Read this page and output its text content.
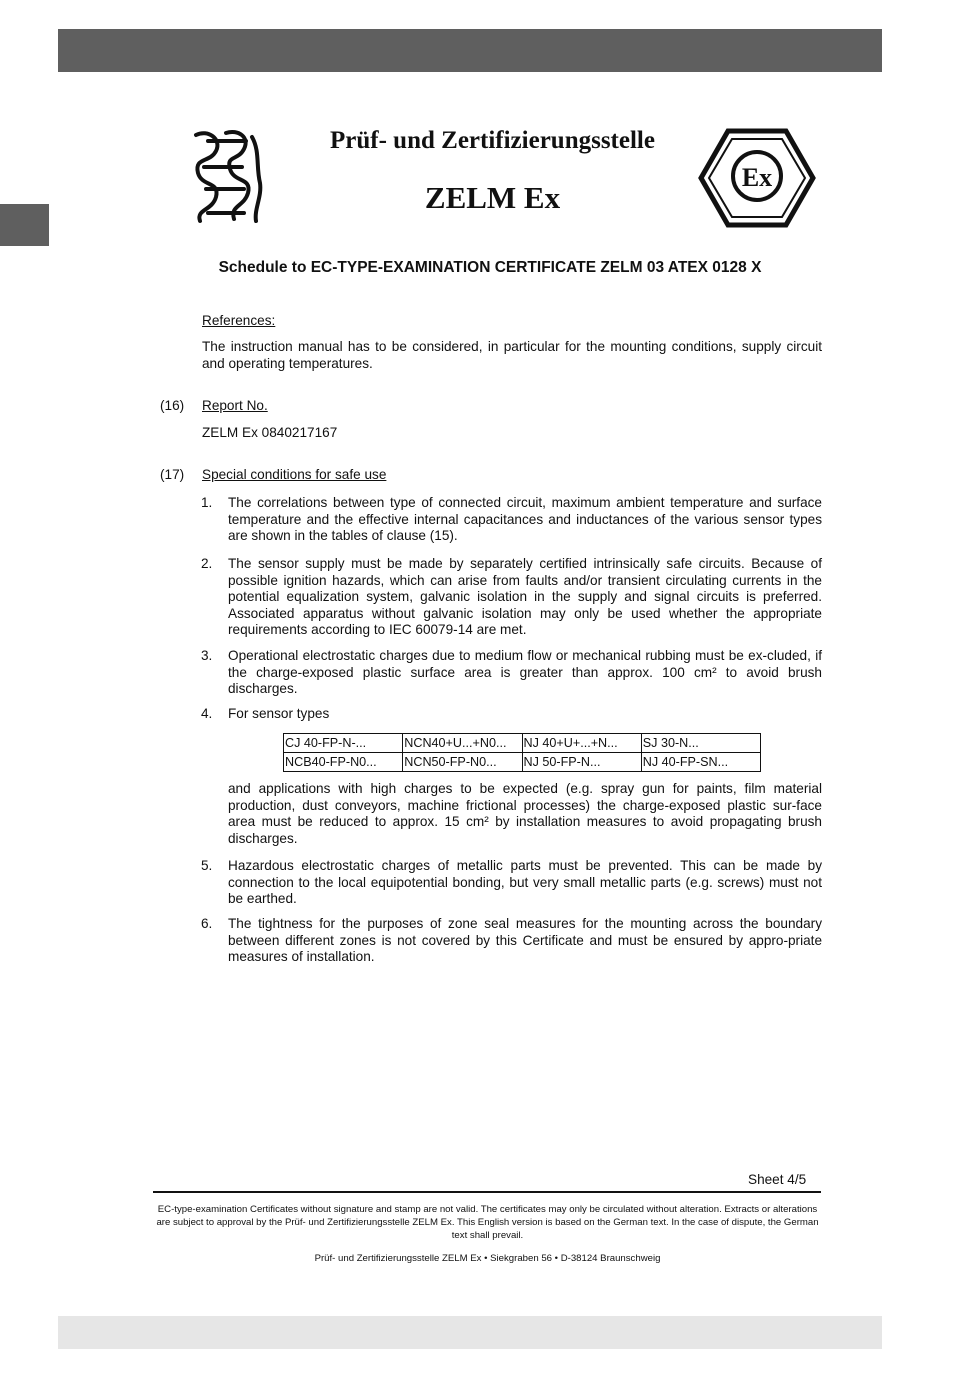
Prüf- und Zertifizierungsstelle
ZELM Ex
Ex
Schedule to EC-TYPE-EXAMINATION CERTIFICATE ZELM 03 ATEX 0128 X
References:
The instruction manual has to be considered, in particular for the mounting conditions, supply circuit and operating temperatures.
(16) Report No.
ZELM Ex 0840217167
(17) Special conditions for safe use
1. The correlations between type of connected circuit, maximum ambient temperature and surface temperature and the effective internal capacitances and inductances of the various sensor types are shown in the tables of clause (15).
2. The sensor supply must be made by separately certified intrinsically safe circuits. Because of possible ignition hazards, which can arise from faults and/or transient circulating currents in the potential equalization system, galvanic isolation in the supply and signal circuits is preferred. Associated apparatus without galvanic isolation may only be used whether the appropriate requirements according to IEC 60079-14 are met.
3. Operational electrostatic charges due to medium flow or mechanical rubbing must be ex-cluded, if the charge-exposed plastic surface area is greater than approx. 100 cm² to avoid brush discharges.
4. For sensor types
CJ 40-FP-N-...	NCN40+U...+N0...	NJ 40+U+...+N...	SJ 30-N...
NCB40-FP-N0...	NCN50-FP-N0...	NJ 50-FP-N...	NJ 40-FP-SN...
and applications with high charges to be expected (e.g. spray gun for paints, film material production, dust conveyors, machine frictional processes) the charge-exposed plastic sur-face area must be reduced to approx. 15 cm² by installation measures to avoid propagating brush discharges.
5. Hazardous electrostatic charges of metallic parts must be prevented. This can be made by connection to the local equipotential bonding, but very small metallic parts (e.g. screws) must not be earthed.
6. The tightness for the purposes of zone seal measures for the mounting across the boundary between different zones is not covered by this Certificate and must be ensured by appro-priate measures of installation.
Sheet 4/5
EC-type-examination Certificates without signature and stamp are not valid. The certificates may only be circulated without alteration. Extracts or alterations are subject to approval by the Prüf- und Zertifizierungsstelle ZELM Ex. This English version is based on the German text. In the case of dispute, the German text shall prevail.
Prüf- und Zertifizierungsstelle ZELM Ex • Siekgraben 56 • D-38124 Braunschweig
